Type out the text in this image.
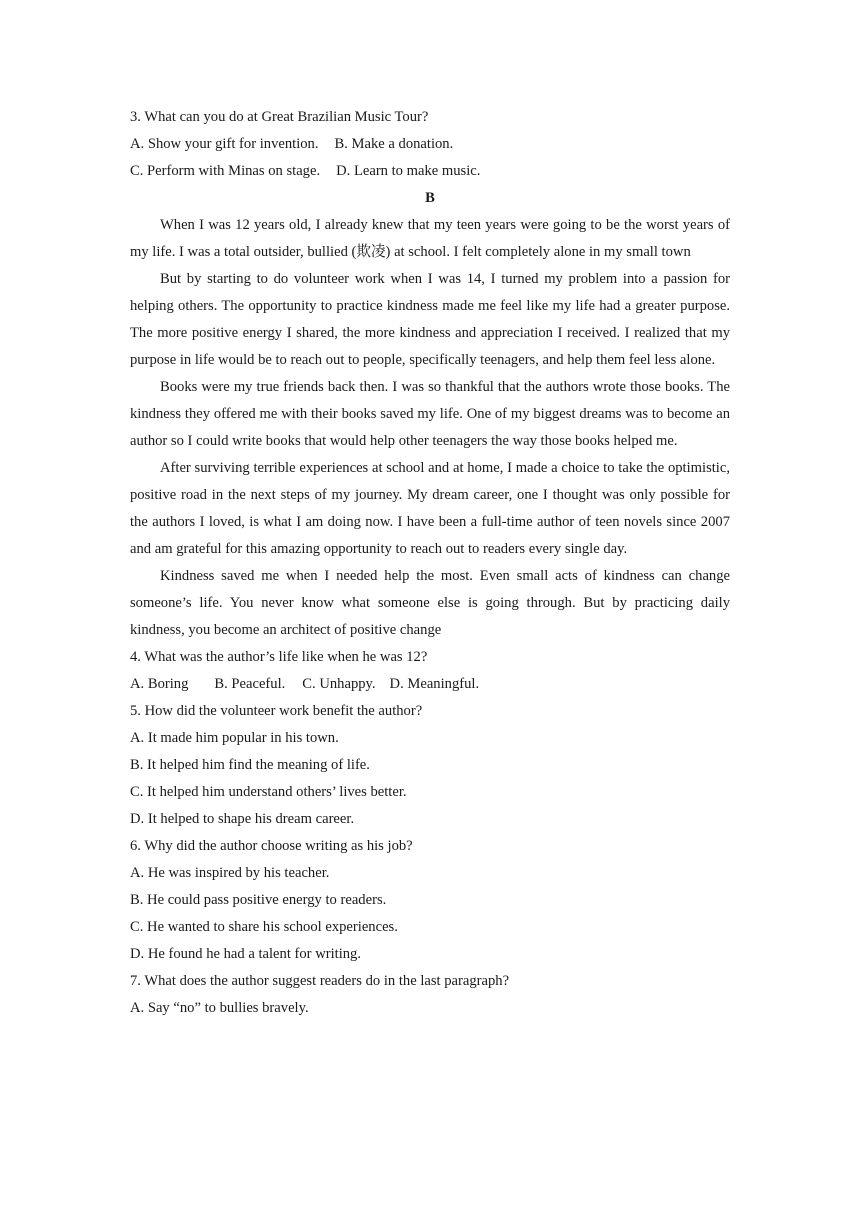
3. What can you do at Great Brazilian Music Tour?

A. Show your gift for invention. B. Make a donation.

C. Perform with Minas on stage. D. Learn to make music.

B

When I was 12 years old, I already knew that my teen years were going to be the worst years of my life. I was a total outsider, bullied (欺凌) at school. I felt completely alone in my small town

But by starting to do volunteer work when I was 14, I turned my problem into a passion for helping others. The opportunity to practice kindness made me feel like my life had a greater purpose. The more positive energy I shared, the more kindness and appreciation I received. I realized that my purpose in life would be to reach out to people, specifically teenagers, and help them feel less alone.

Books were my true friends back then. I was so thankful that the authors wrote those books. The kindness they offered me with their books saved my life. One of my biggest dreams was to become an author so I could write books that would help other teenagers the way those books helped me.

After surviving terrible experiences at school and at home, I made a choice to take the optimistic, positive road in the next steps of my journey. My dream career, one I thought was only possible for the authors I loved, is what I am doing now. I have been a full-time author of teen novels since 2007 and am grateful for this amazing opportunity to reach out to readers every single day.

Kindness saved me when I needed help the most. Even small acts of kindness can change someone’s life. You never know what someone else is going through. But by practicing daily kindness, you become an architect of positive change

4. What was the author’s life like when he was 12?

A. Boring B. Peaceful. C. Unhappy. D. Meaningful.

5. How did the volunteer work benefit the author?

A. It made him popular in his town.

B. It helped him find the meaning of life.

C. It helped him understand others’ lives better.

D. It helped to shape his dream career.

6. Why did the author choose writing as his job?

A. He was inspired by his teacher.

B. He could pass positive energy to readers.

C. He wanted to share his school experiences.

D. He found he had a talent for writing.

7. What does the author suggest readers do in the last paragraph?

A. Say “no” to bullies bravely.
